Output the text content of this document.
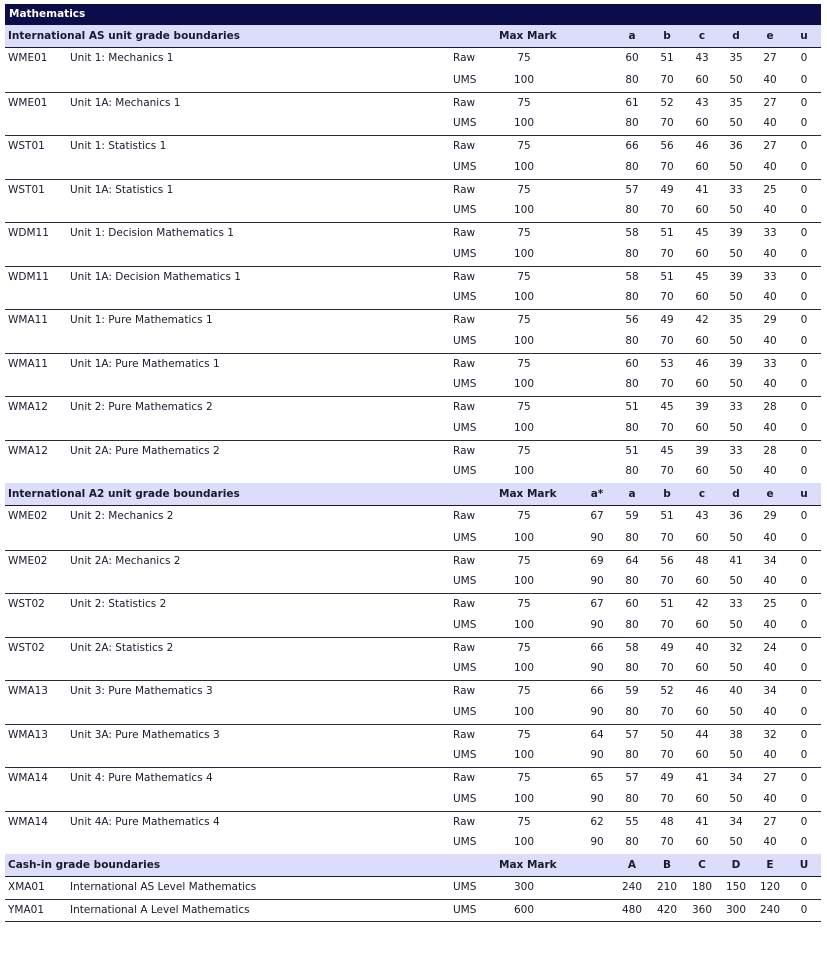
Mathematics
International AS unit grade boundaries	Max Mark	a	b	c	d	e	u
WME01 Unit 1: Mechanics 1	Raw	75	60	51	43	35	27	0
UMS	100	80	70	60	50	40	0
WME01 Unit 1A: Mechanics 1	Raw	75	61	52	43	35	27	0
UMS	100	80	70	60	50	40	0
WST01 Unit 1: Statistics 1	Raw	75	66	56	46	36	27	0
UMS	100	80	70	60	50	40	0
WST01 Unit 1A: Statistics 1	Raw	75	57	49	41	33	25	0
UMS	100	80	70	60	50	40	0
WDM11 Unit 1: Decision Mathematics 1	Raw	75	58	51	45	39	33	0
UMS	100	80	70	60	50	40	0
WDM11 Unit 1A: Decision Mathematics 1	Raw	75	58	51	45	39	33	0
UMS	100	80	70	60	50	40	0
WMA11 Unit 1: Pure Mathematics 1	Raw	75	56	49	42	35	29	0
UMS	100	80	70	60	50	40	0
WMA11 Unit 1A: Pure Mathematics 1	Raw	75	60	53	46	39	33	0
UMS	100	80	70	60	50	40	0
WMA12 Unit 2: Pure Mathematics 2	Raw	75	51	45	39	33	28	0
UMS	100	80	70	60	50	40	0
WMA12 Unit 2A: Pure Mathematics 2	Raw	75	51	45	39	33	28	0
UMS	100	80	70	60	50	40	0
International A2 unit grade boundaries	Max Mark	a*	a	b	c	d	e	u
WME02 Unit 2: Mechanics 2	Raw	75	67	59	51	43	36	29	0
UMS	100	90	80	70	60	50	40	0
WME02 Unit 2A: Mechanics 2	Raw	75	69	64	56	48	41	34	0
UMS	100	90	80	70	60	50	40	0
WST02 Unit 2: Statistics 2	Raw	75	67	60	51	42	33	25	0
UMS	100	90	80	70	60	50	40	0
WST02 Unit 2A: Statistics 2	Raw	75	66	58	49	40	32	24	0
UMS	100	90	80	70	60	50	40	0
WMA13 Unit 3: Pure Mathematics 3	Raw	75	66	59	52	46	40	34	0
UMS	100	90	80	70	60	50	40	0
WMA13 Unit 3A: Pure Mathematics 3	Raw	75	64	57	50	44	38	32	0
UMS	100	90	80	70	60	50	40	0
WMA14 Unit 4: Pure Mathematics 4	Raw	75	65	57	49	41	34	27	0
UMS	100	90	80	70	60	50	40	0
WMA14 Unit 4A: Pure Mathematics 4	Raw	75	62	55	48	41	34	27	0
UMS	100	90	80	70	60	50	40	0
Cash-in grade boundaries	Max Mark	A	B	C	D	E	U
XMA01 International AS Level Mathematics	UMS	300	240	210	180	150	120	0
YMA01 International A Level Mathematics	UMS	600	480	420	360	300	240	0
